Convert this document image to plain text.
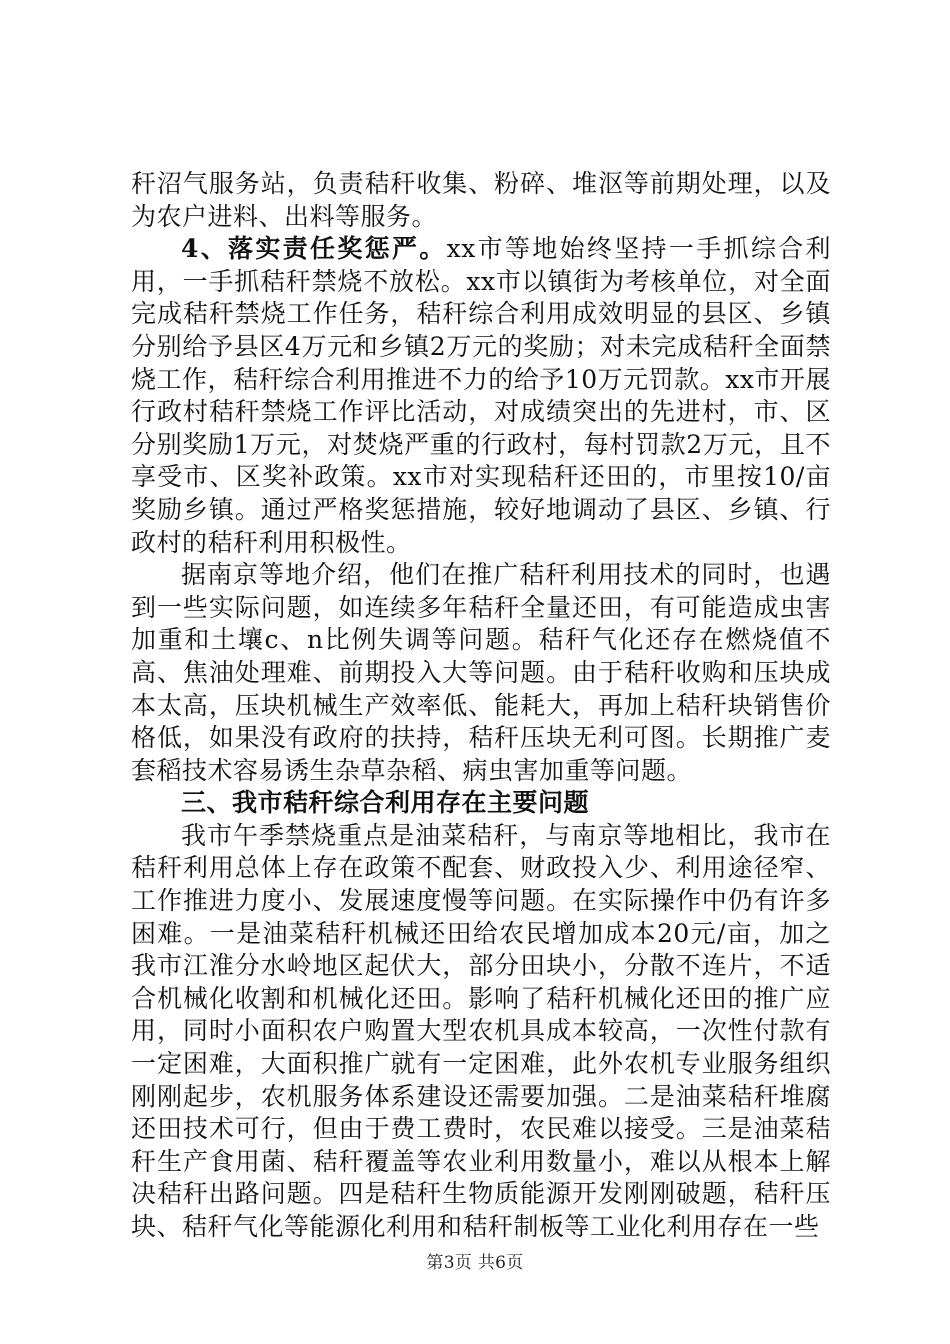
秆沼气服务站，负责秸秆收集、粉碎、堆沤等前期处理，以及为农户进料、出料等服务。

4、落实责任奖惩严。xx市等地始终坚持一手抓综合利用，一手抓秸秆禁烧不放松。xx市以镇街为考核单位，对全面完成秸秆禁烧工作任务，秸秆综合利用成效明显的县区、乡镇分别给予县区4万元和乡镇2万元的奖励；对未完成秸秆全面禁烧工作，秸秆综合利用推进不力的给予10万元罚款。xx市开展行政村秸秆禁烧工作评比活动，对成绩突出的先进村，市、区分别奖励1万元，对焚烧严重的行政村，每村罚款2万元，且不享受市、区奖补政策。xx市对实现秸秆还田的，市里按10/亩奖励乡镇。通过严格奖惩措施，较好地调动了县区、乡镇、行政村的秸秆利用积极性。

据南京等地介绍，他们在推广秸秆利用技术的同时，也遇到一些实际问题，如连续多年秸秆全量还田，有可能造成虫害加重和土壤c、n比例失调等问题。秸秆气化还存在燃烧值不高、焦油处理难、前期投入大等问题。由于秸秆收购和压块成本太高，压块机械生产效率低、能耗大，再加上秸秆块销售价格低，如果没有政府的扶持，秸秆压块无利可图。长期推广麦套稻技术容易诱生杂草杂稻、病虫害加重等问题。

三、我市秸秆综合利用存在主要问题

我市午季禁烧重点是油菜秸秆，与南京等地相比，我市在秸秆利用总体上存在政策不配套、财政投入少、利用途径窄、工作推进力度小、发展速度慢等问题。在实际操作中仍有许多困难。一是油菜秸秆机械还田给农民增加成本20元/亩，加之我市江淮分水岭地区起伏大，部分田块小，分散不连片，不适合机械化收割和机械化还田。影响了秸秆机械化还田的推广应用，同时小面积农户购置大型农机具成本较高，一次性付款有一定困难，大面积推广就有一定困难，此外农机专业服务组织刚刚起步，农机服务体系建设还需要加强。二是油菜秸秆堆腐还田技术可行，但由于费工费时，农民难以接受。三是油菜秸秆生产食用菌、秸秆覆盖等农业利用数量小，难以从根本上解决秸秆出路问题。四是秸秆生物质能源开发刚刚破题，秸秆压块、秸秆气化等能源化利用和秸秆制板等工业化利用存在一些

第3页 共6页
